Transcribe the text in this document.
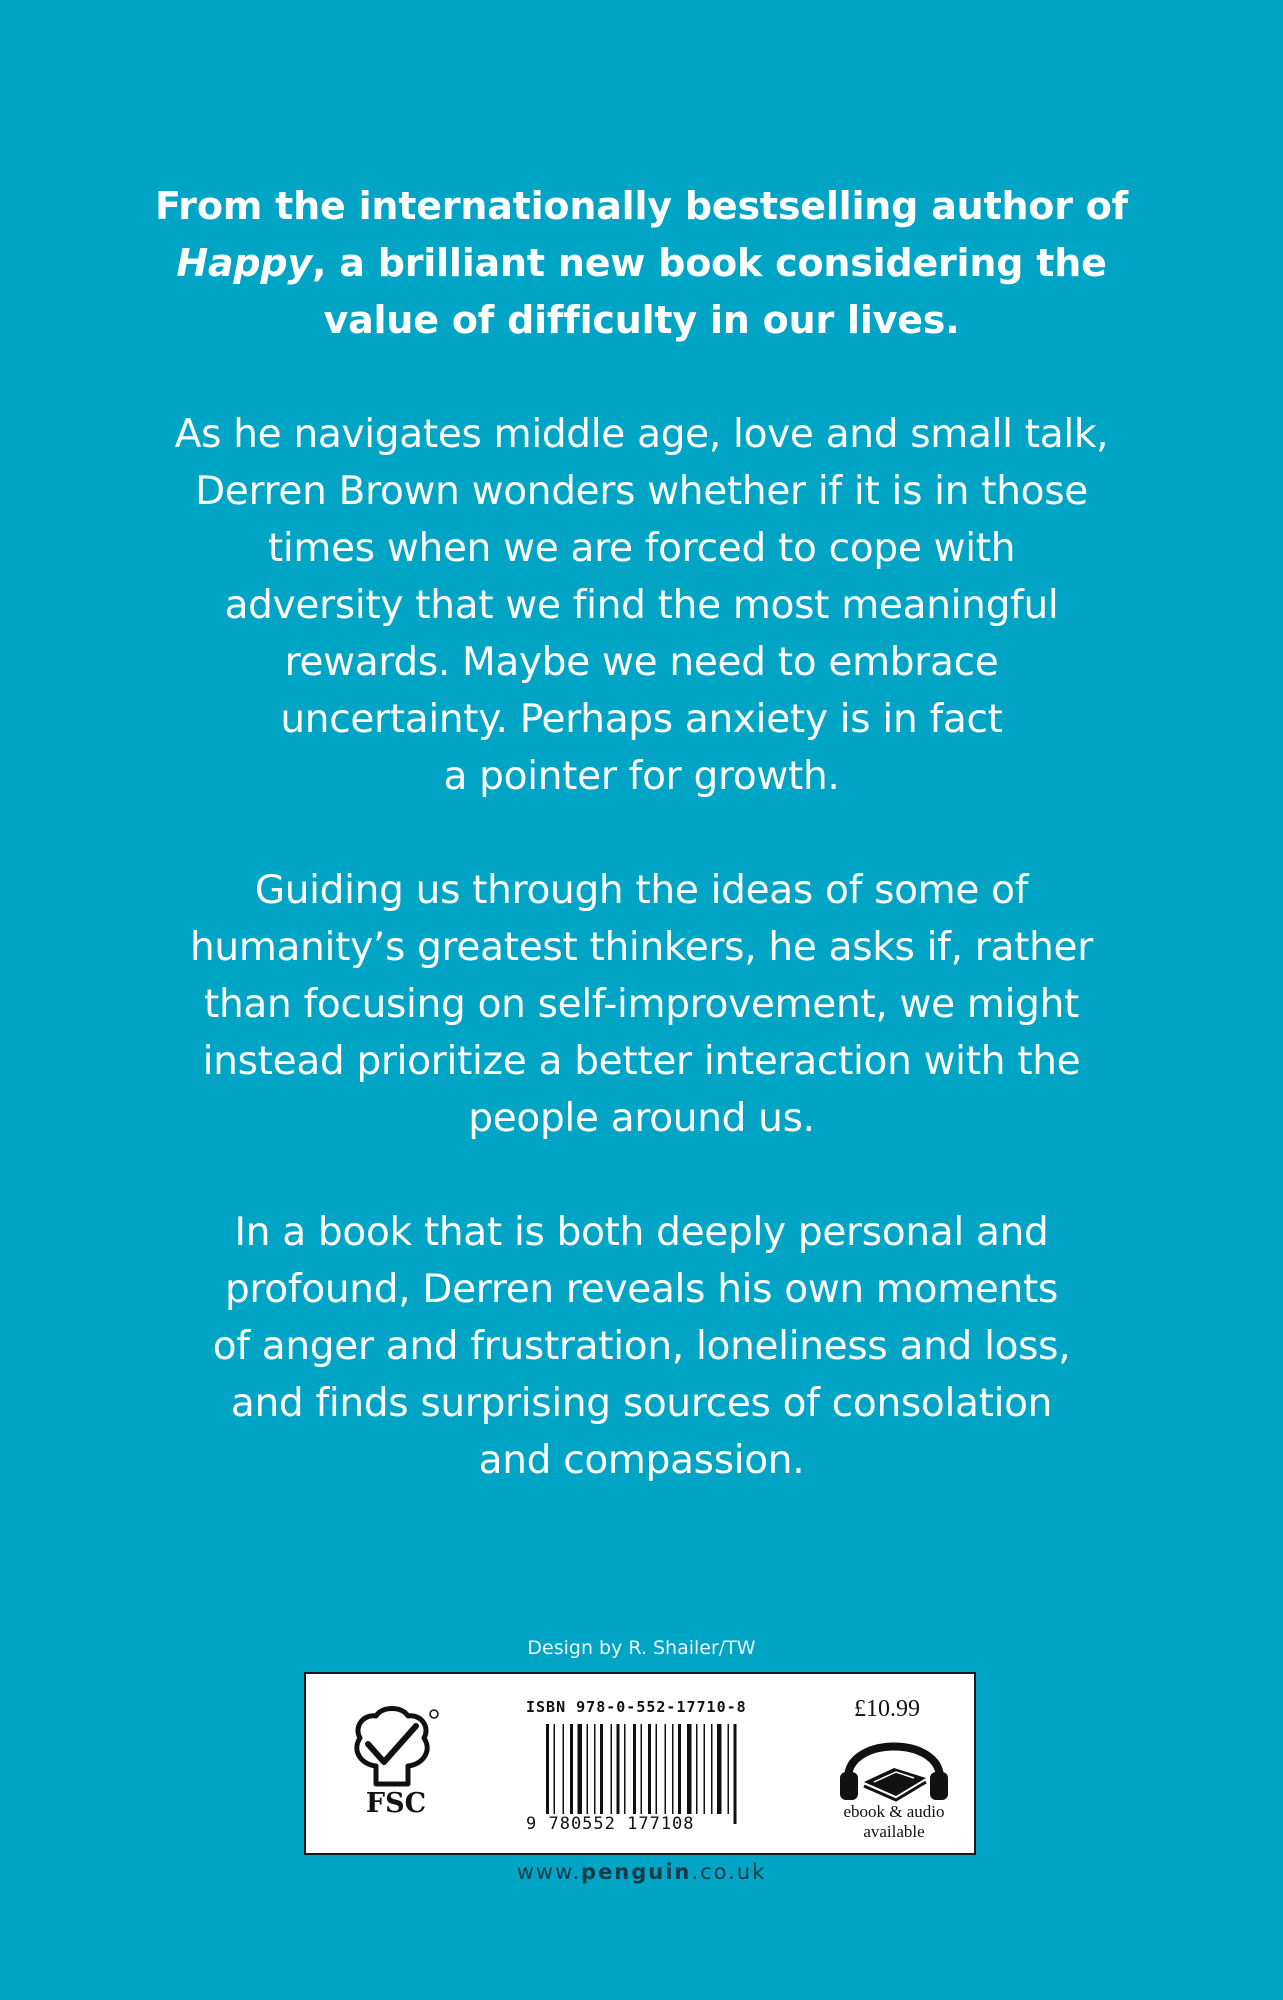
From the internationally bestselling author of
Happy, a brilliant new book considering the
value of difficulty in our lives.

As he navigates middle age, love and small talk,
Derren Brown wonders whether if it is in those
times when we are forced to cope with
adversity that we find the most meaningful
rewards. Maybe we need to embrace
uncertainty. Perhaps anxiety is in fact
a pointer for growth.

Guiding us through the ideas of some of
humanity’s greatest thinkers, he asks if, rather
than focusing on self-improvement, we might
instead prioritize a better interaction with the
people around us.

In a book that is both deeply personal and
profound, Derren reveals his own moments
of anger and frustration, loneliness and loss,
and finds surprising sources of consolation
and compassion.

Design by R. Shailer/TW
FSC
ISBN 978-0-552-17710-8
9 780552 177108
£10.99
ebook & audio
available
www.penguin.co.uk
